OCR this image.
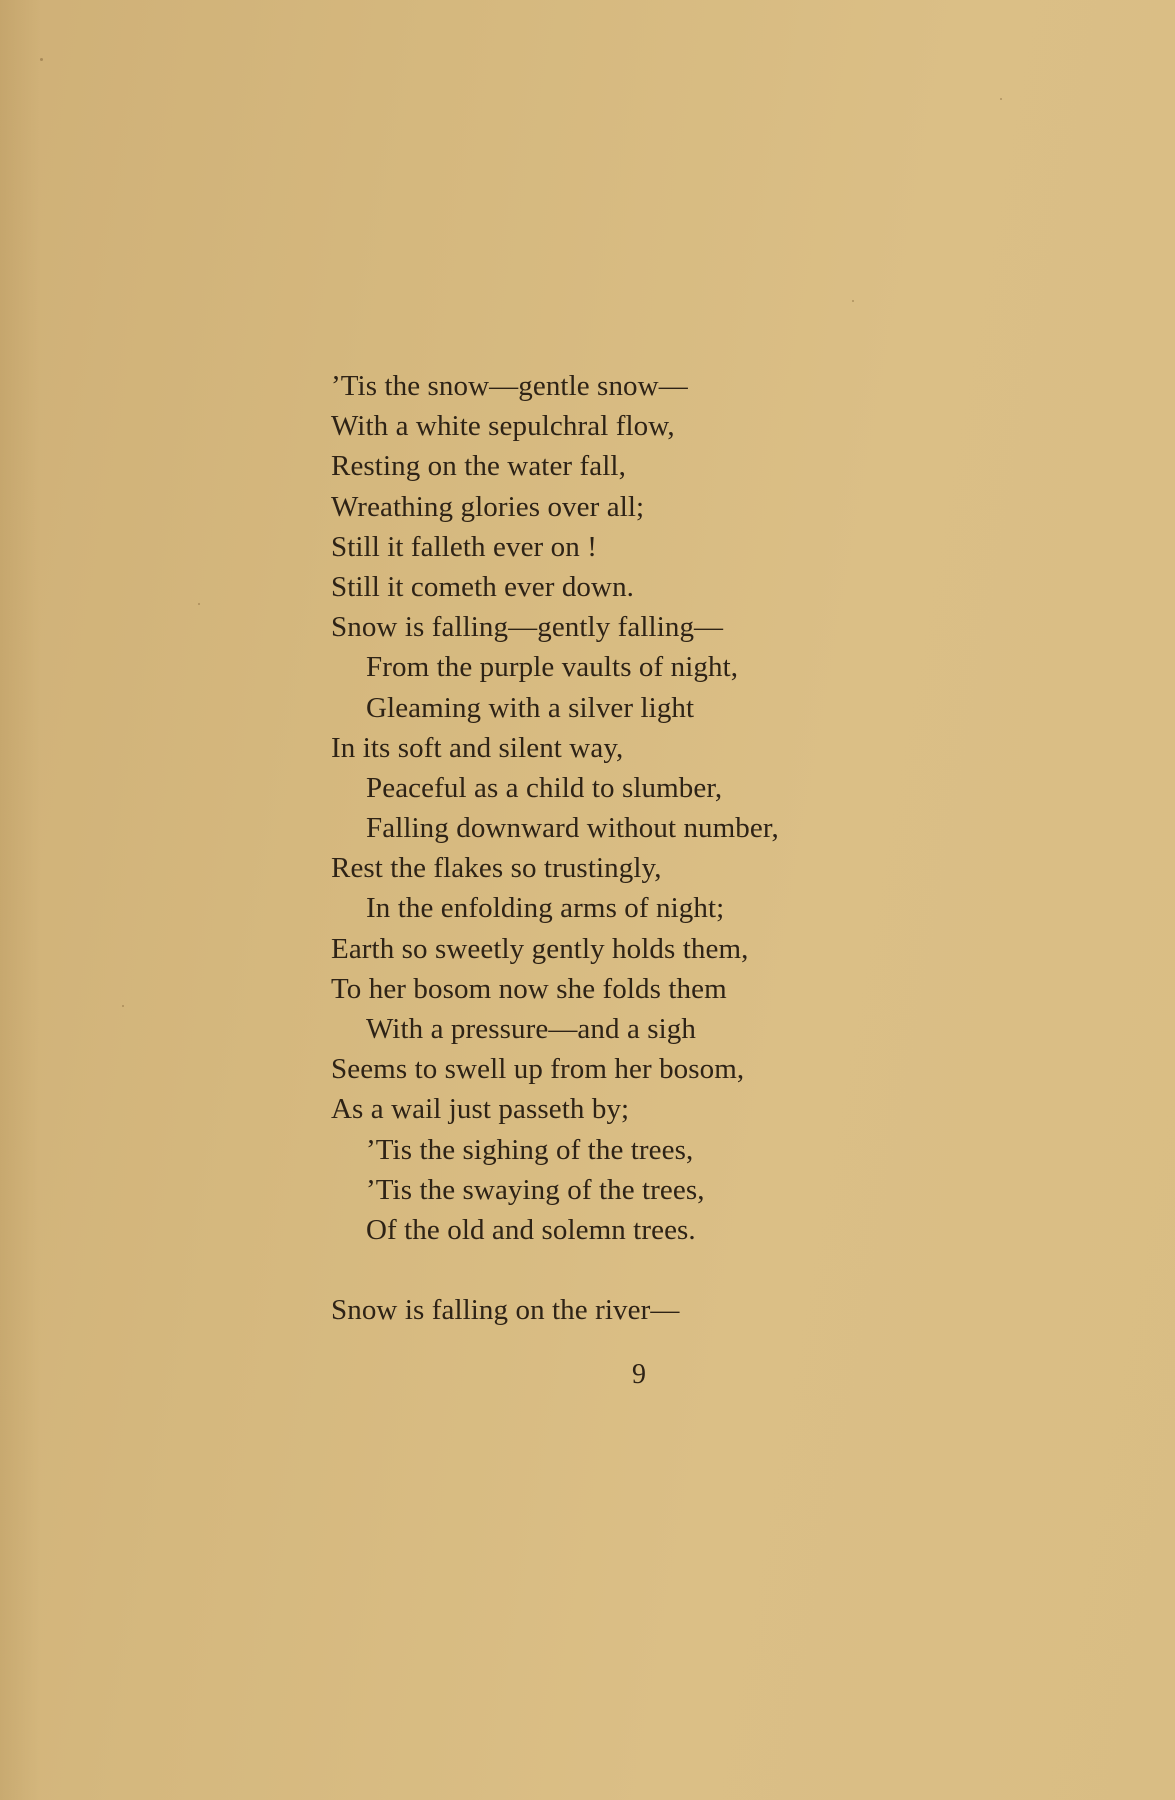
’Tis the snow—gentle snow—
With a white sepulchral flow,
Resting on the water fall,
Wreathing glories over all;
Still it falleth ever on !
Still it cometh ever down.
Snow is falling—gently falling—
From the purple vaults of night,
Gleaming with a silver light
In its soft and silent way,
Peaceful as a child to slumber,
Falling downward without number,
Rest the flakes so trustingly,
In the enfolding arms of night;
Earth so sweetly gently holds them,
To her bosom now she folds them
With a pressure—and a sigh
Seems to swell up from her bosom,
As a wail just passeth by;
’Tis the sighing of the trees,
’Tis the swaying of the trees,
Of the old and solemn trees.
Snow is falling on the river—
9
